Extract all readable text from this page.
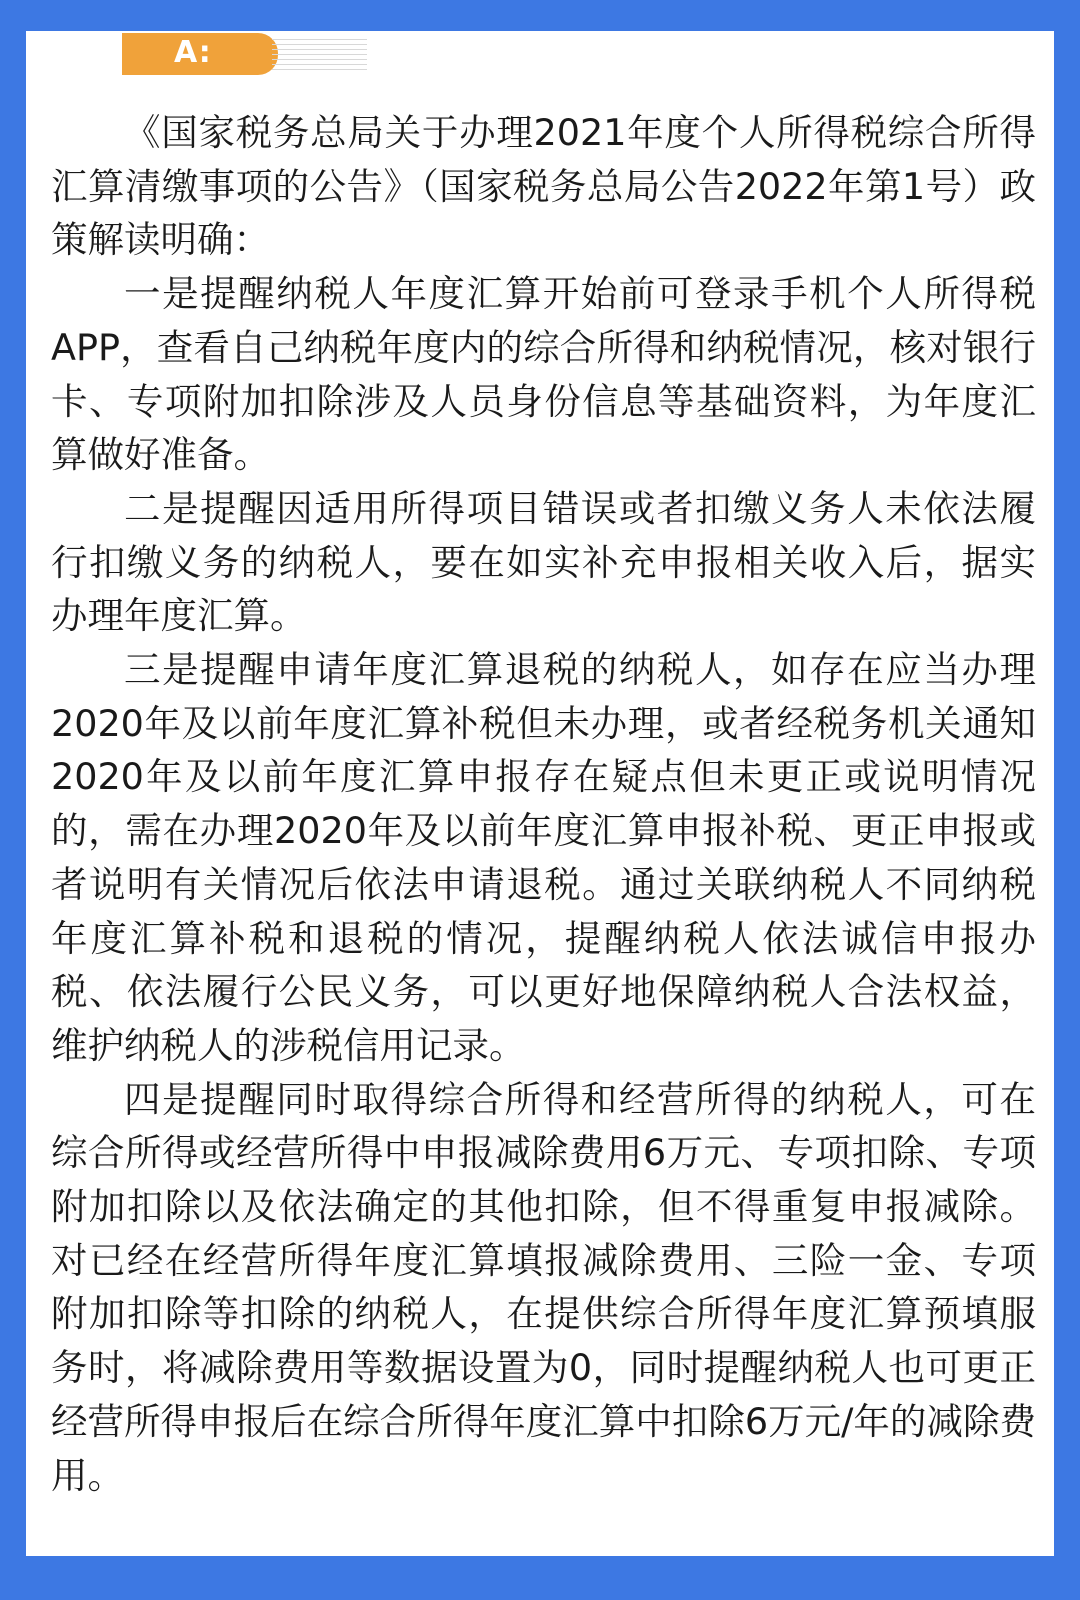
A:

《国家税务总局关于办理2021年度个人所得税综合所得汇算清缴事项的公告》（国家税务总局公告2022年第1号）政策解读明确：

一是提醒纳税人年度汇算开始前可登录手机个人所得税APP，查看自己纳税年度内的综合所得和纳税情况，核对银行卡、专项附加扣除涉及人员身份信息等基础资料，为年度汇算做好准备。

二是提醒因适用所得项目错误或者扣缴义务人未依法履行扣缴义务的纳税人，要在如实补充申报相关收入后，据实办理年度汇算。

三是提醒申请年度汇算退税的纳税人，如存在应当办理2020年及以前年度汇算补税但未办理，或者经税务机关通知2020年及以前年度汇算申报存在疑点但未更正或说明情况的，需在办理2020年及以前年度汇算申报补税、更正申报或者说明有关情况后依法申请退税。通过关联纳税人不同纳税年度汇算补税和退税的情况，提醒纳税人依法诚信申报办税、依法履行公民义务，可以更好地保障纳税人合法权益，维护纳税人的涉税信用记录。

四是提醒同时取得综合所得和经营所得的纳税人，可在综合所得或经营所得中申报减除费用6万元、专项扣除、专项附加扣除以及依法确定的其他扣除，但不得重复申报减除。对已经在经营所得年度汇算填报减除费用、三险一金、专项附加扣除等扣除的纳税人，在提供综合所得年度汇算预填服务时，将减除费用等数据设置为0，同时提醒纳税人也可更正经营所得申报后在综合所得年度汇算中扣除6万元/年的减除费用。
